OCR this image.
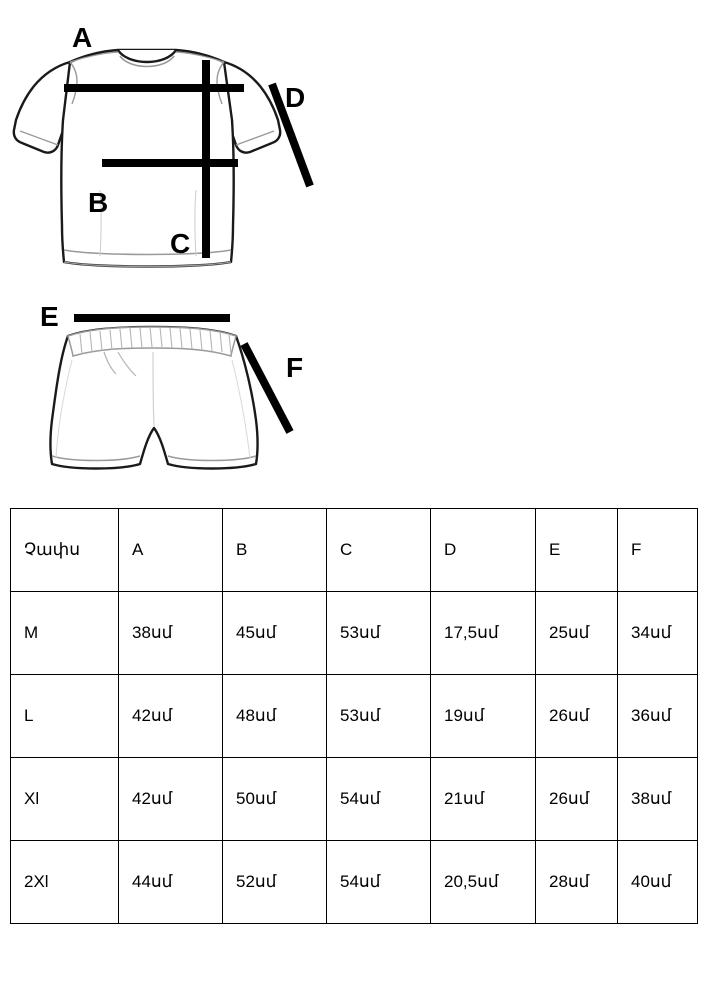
A
B
C
D
E
F
Չափս	A	B	C	D	E	F
M	38սմ	45սմ	53սմ	17,5սմ	25սմ	34սմ
L	42սմ	48սմ	53սմ	19սմ	26սմ	36սմ
Xl	42սմ	50սմ	54սմ	21սմ	26սմ	38սմ
2Xl	44սմ	52սմ	54սմ	20,5սմ	28սմ	40սմ
